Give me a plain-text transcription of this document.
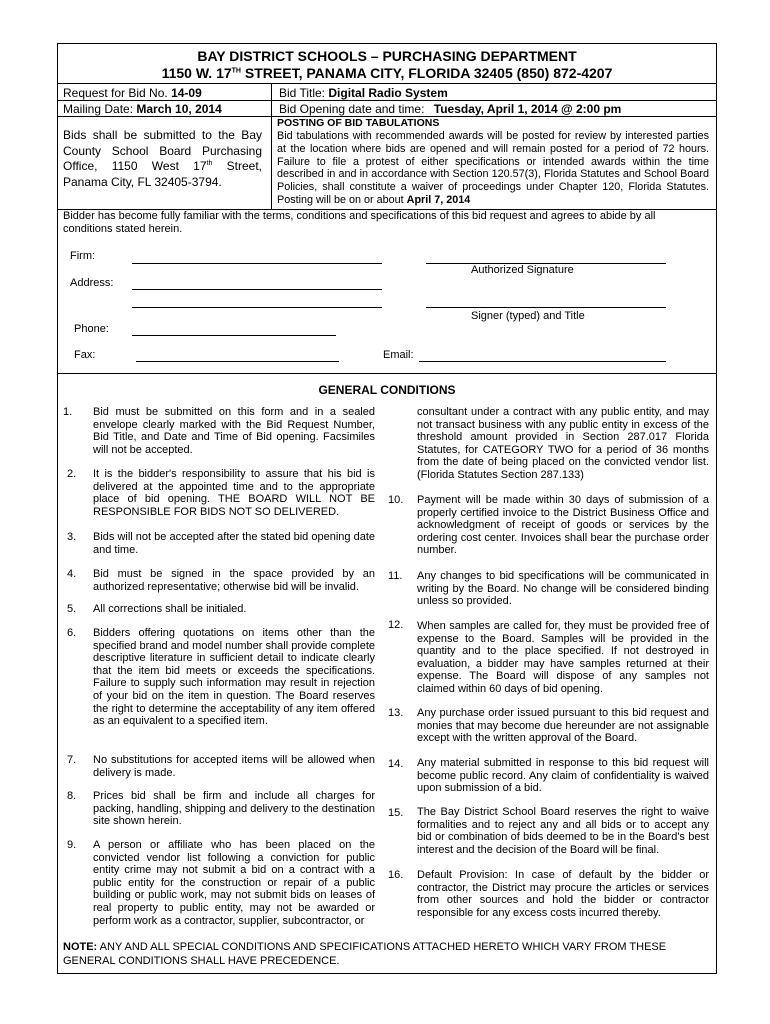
BAY DISTRICT SCHOOLS – PURCHASING DEPARTMENT
1150 W. 17TH STREET, PANAMA CITY, FLORIDA 32405 (850) 872-4207
Request for Bid No. 14-09
Mailing Date: March 10, 2014
Bid Title: Digital Radio System
Bid Opening date and time: Tuesday, April 1, 2014 @ 2:00 pm
Bids shall be submitted to the Bay County School Board Purchasing Office, 1150 West 17th Street, Panama City, FL 32405-3794.
POSTING OF BID TABULATIONS
Bid tabulations with recommended awards will be posted for review by interested parties at the location where bids are opened and will remain posted for a period of 72 hours. Failure to file a protest of either specifications or intended awards within the time described in and in accordance with Section 120.57(3), Florida Statutes and School Board Policies, shall constitute a waiver of proceedings under Chapter 120, Florida Statutes. Posting will be on or about April 7, 2014
Bidder has become fully familiar with the terms, conditions and specifications of this bid request and agrees to abide by all conditions stated herein.
Firm:
Authorized Signature
Address:
Signer (typed) and Title
Phone:
Fax:	Email:
GENERAL CONDITIONS
1. Bid must be submitted on this form and in a sealed envelope clearly marked with the Bid Request Number, Bid Title, and Date and Time of Bid opening. Facsimiles will not be accepted.
2. It is the bidder's responsibility to assure that his bid is delivered at the appointed time and to the appropriate place of bid opening. THE BOARD WILL NOT BE RESPONSIBLE FOR BIDS NOT SO DELIVERED.
3. Bids will not be accepted after the stated bid opening date and time.
4. Bid must be signed in the space provided by an authorized representative; otherwise bid will be invalid.
5. All corrections shall be initialed.
6. Bidders offering quotations on items other than the specified brand and model number shall provide complete descriptive literature in sufficient detail to indicate clearly that the item bid meets or exceeds the specifications. Failure to supply such information may result in rejection of your bid on the item in question. The Board reserves the right to determine the acceptability of any item offered as an equivalent to a specified item.
7. No substitutions for accepted items will be allowed when delivery is made.
8. Prices bid shall be firm and include all charges for packing, handling, shipping and delivery to the destination site shown herein.
9. A person or affiliate who has been placed on the convicted vendor list following a conviction for public entity crime may not submit a bid on a contract with a public entity for the construction or repair of a public building or public work, may not submit bids on leases of real property to public entity, may not be awarded or perform work as a contractor, supplier, subcontractor, or
consultant under a contract with any public entity, and may not transact business with any public entity in excess of the threshold amount provided in Section 287.017 Florida Statutes, for CATEGORY TWO for a period of 36 months from the date of being placed on the convicted vendor list. (Florida Statutes Section 287.133)
10. Payment will be made within 30 days of submission of a properly certified invoice to the District Business Office and acknowledgment of receipt of goods or services by the ordering cost center. Invoices shall bear the purchase order number.
11. Any changes to bid specifications will be communicated in writing by the Board. No change will be considered binding unless so provided.
12. When samples are called for, they must be provided free of expense to the Board. Samples will be provided in the quantity and to the place specified. If not destroyed in evaluation, a bidder may have samples returned at their expense. The Board will dispose of any samples not claimed within 60 days of bid opening.
13. Any purchase order issued pursuant to this bid request and monies that may become due hereunder are not assignable except with the written approval of the Board.
14. Any material submitted in response to this bid request will become public record. Any claim of confidentiality is waived upon submission of a bid.
15. The Bay District School Board reserves the right to waive formalities and to reject any and all bids or to accept any bid or combination of bids deemed to be in the Board's best interest and the decision of the Board will be final.
16. Default Provision: In case of default by the bidder or contractor, the District may procure the articles or services from other sources and hold the bidder or contractor responsible for any excess costs incurred thereby.
NOTE: ANY AND ALL SPECIAL CONDITIONS AND SPECIFICATIONS ATTACHED HERETO WHICH VARY FROM THESE GENERAL CONDITIONS SHALL HAVE PRECEDENCE.
